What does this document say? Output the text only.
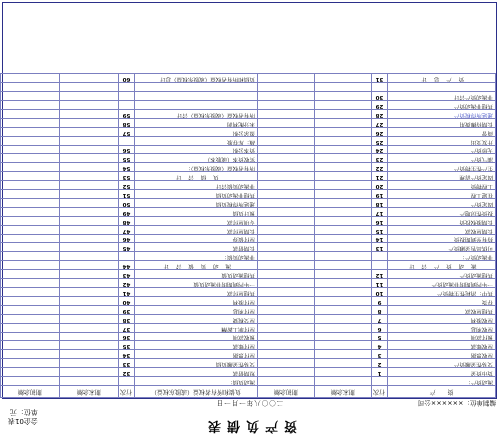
资产负债表
会企01表
单位：元
编制单位：××××××公司
二〇〇八年一月一日
资　　产	行次	期末余额	期初余额	负债和所有者权益（或股东权益）	行次	期末余额	期初余额
流动资产：				流动负债：			
货币资金	1			短期借款	32		
交易性金融资产	2			交易性金融负债	33		
应收票据	3			应付票据	34		
应收账款	4			应付账款	35		
预付款项	5			预收款项	36		
应收利息	6			应付职工薪酬	37		
应收股利	7			应交税费	38		
其他应收款	8			应付利息	39		
存货	9			应付股利	40		
其中：消耗性生物资产	10			其他应付款	41		
一年内到期的非流动资产	11			一年内到期的非流动负债	42		
其他流动资产	12			其他流动负债	43		
流 动 资 产 合 计				流 动 负 债 合 计	44		
非流动资产：				非流动负债：			
可供出售金融资产	13			长期借款	45		
持有至到期投资	14			应付债券	46		
长期应收款	15			长期应付款	47		
长期股权投资	16			专项应付款	48		
投资性房地产	17			预计负债	49		
固定资产	18			递延所得税负债	50		
在建工程	19			其他非流动负债	51		
工程物资	20			非流动负债合计	52		
固定资产清理	21			负 债 合 计	53		
生产性生物资产	22			所有者权益（或股东权益）：	54		
油气资产	23			实收资本（或股本）	55		
无形资产	24			资本公积	56		
开发支出	25			减：库存股			
商誉	26			盈余公积	57		
长期待摊费用	27			未分配利润	58		
递延所得税资产	28			所有者权益（或股东权益）合计	59		
其他非流动资产	29						
非流动资产合计	30						

资 产 总 计	31			负债和所有者权益（或股东权益）总计	60		
